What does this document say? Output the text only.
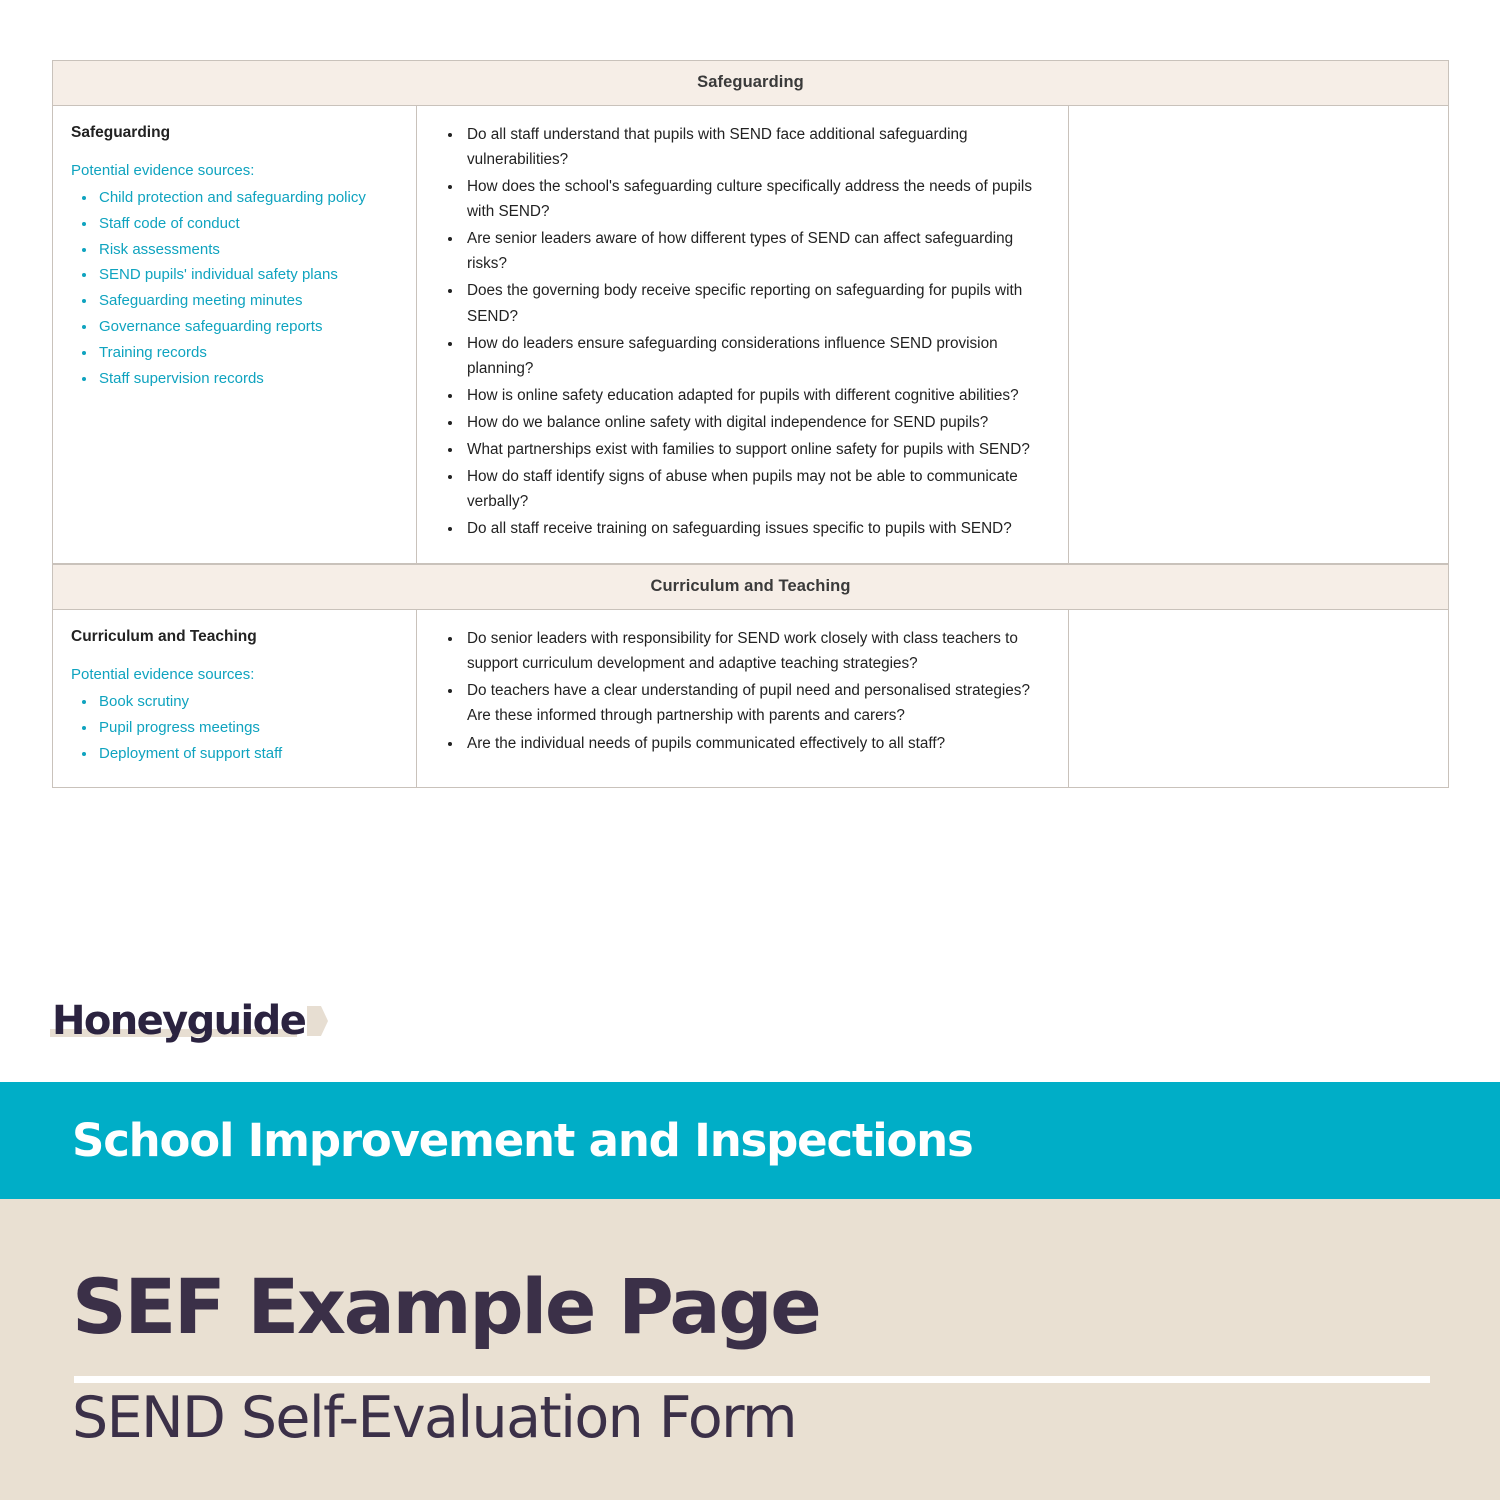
Safeguarding
Safeguarding
Potential evidence sources:
• Child protection and safeguarding policy
• Staff code of conduct
• Risk assessments
• SEND pupils' individual safety plans
• Safeguarding meeting minutes
• Governance safeguarding reports
• Training records
• Staff supervision records
• Do all staff understand that pupils with SEND face additional safeguarding vulnerabilities?
• How does the school's safeguarding culture specifically address the needs of pupils with SEND?
• Are senior leaders aware of how different types of SEND can affect safeguarding risks?
• Does the governing body receive specific reporting on safeguarding for pupils with SEND?
• How do leaders ensure safeguarding considerations influence SEND provision planning?
• How is online safety education adapted for pupils with different cognitive abilities?
• How do we balance online safety with digital independence for SEND pupils?
• What partnerships exist with families to support online safety for pupils with SEND?
• How do staff identify signs of abuse when pupils may not be able to communicate verbally?
• Do all staff receive training on safeguarding issues specific to pupils with SEND?
Curriculum and Teaching
Curriculum and Teaching
Potential evidence sources:
• Book scrutiny
• Pupil progress meetings
• Deployment of support staff
• Do senior leaders with responsibility for SEND work closely with class teachers to support curriculum development and adaptive teaching strategies?
• Do teachers have a clear understanding of pupil need and personalised strategies? Are these informed through partnership with parents and carers?
• Are the individual needs of pupils communicated effectively to all staff?
Honeyguide
School Improvement and Inspections
SEF Example Page
SEND Self-Evaluation Form
